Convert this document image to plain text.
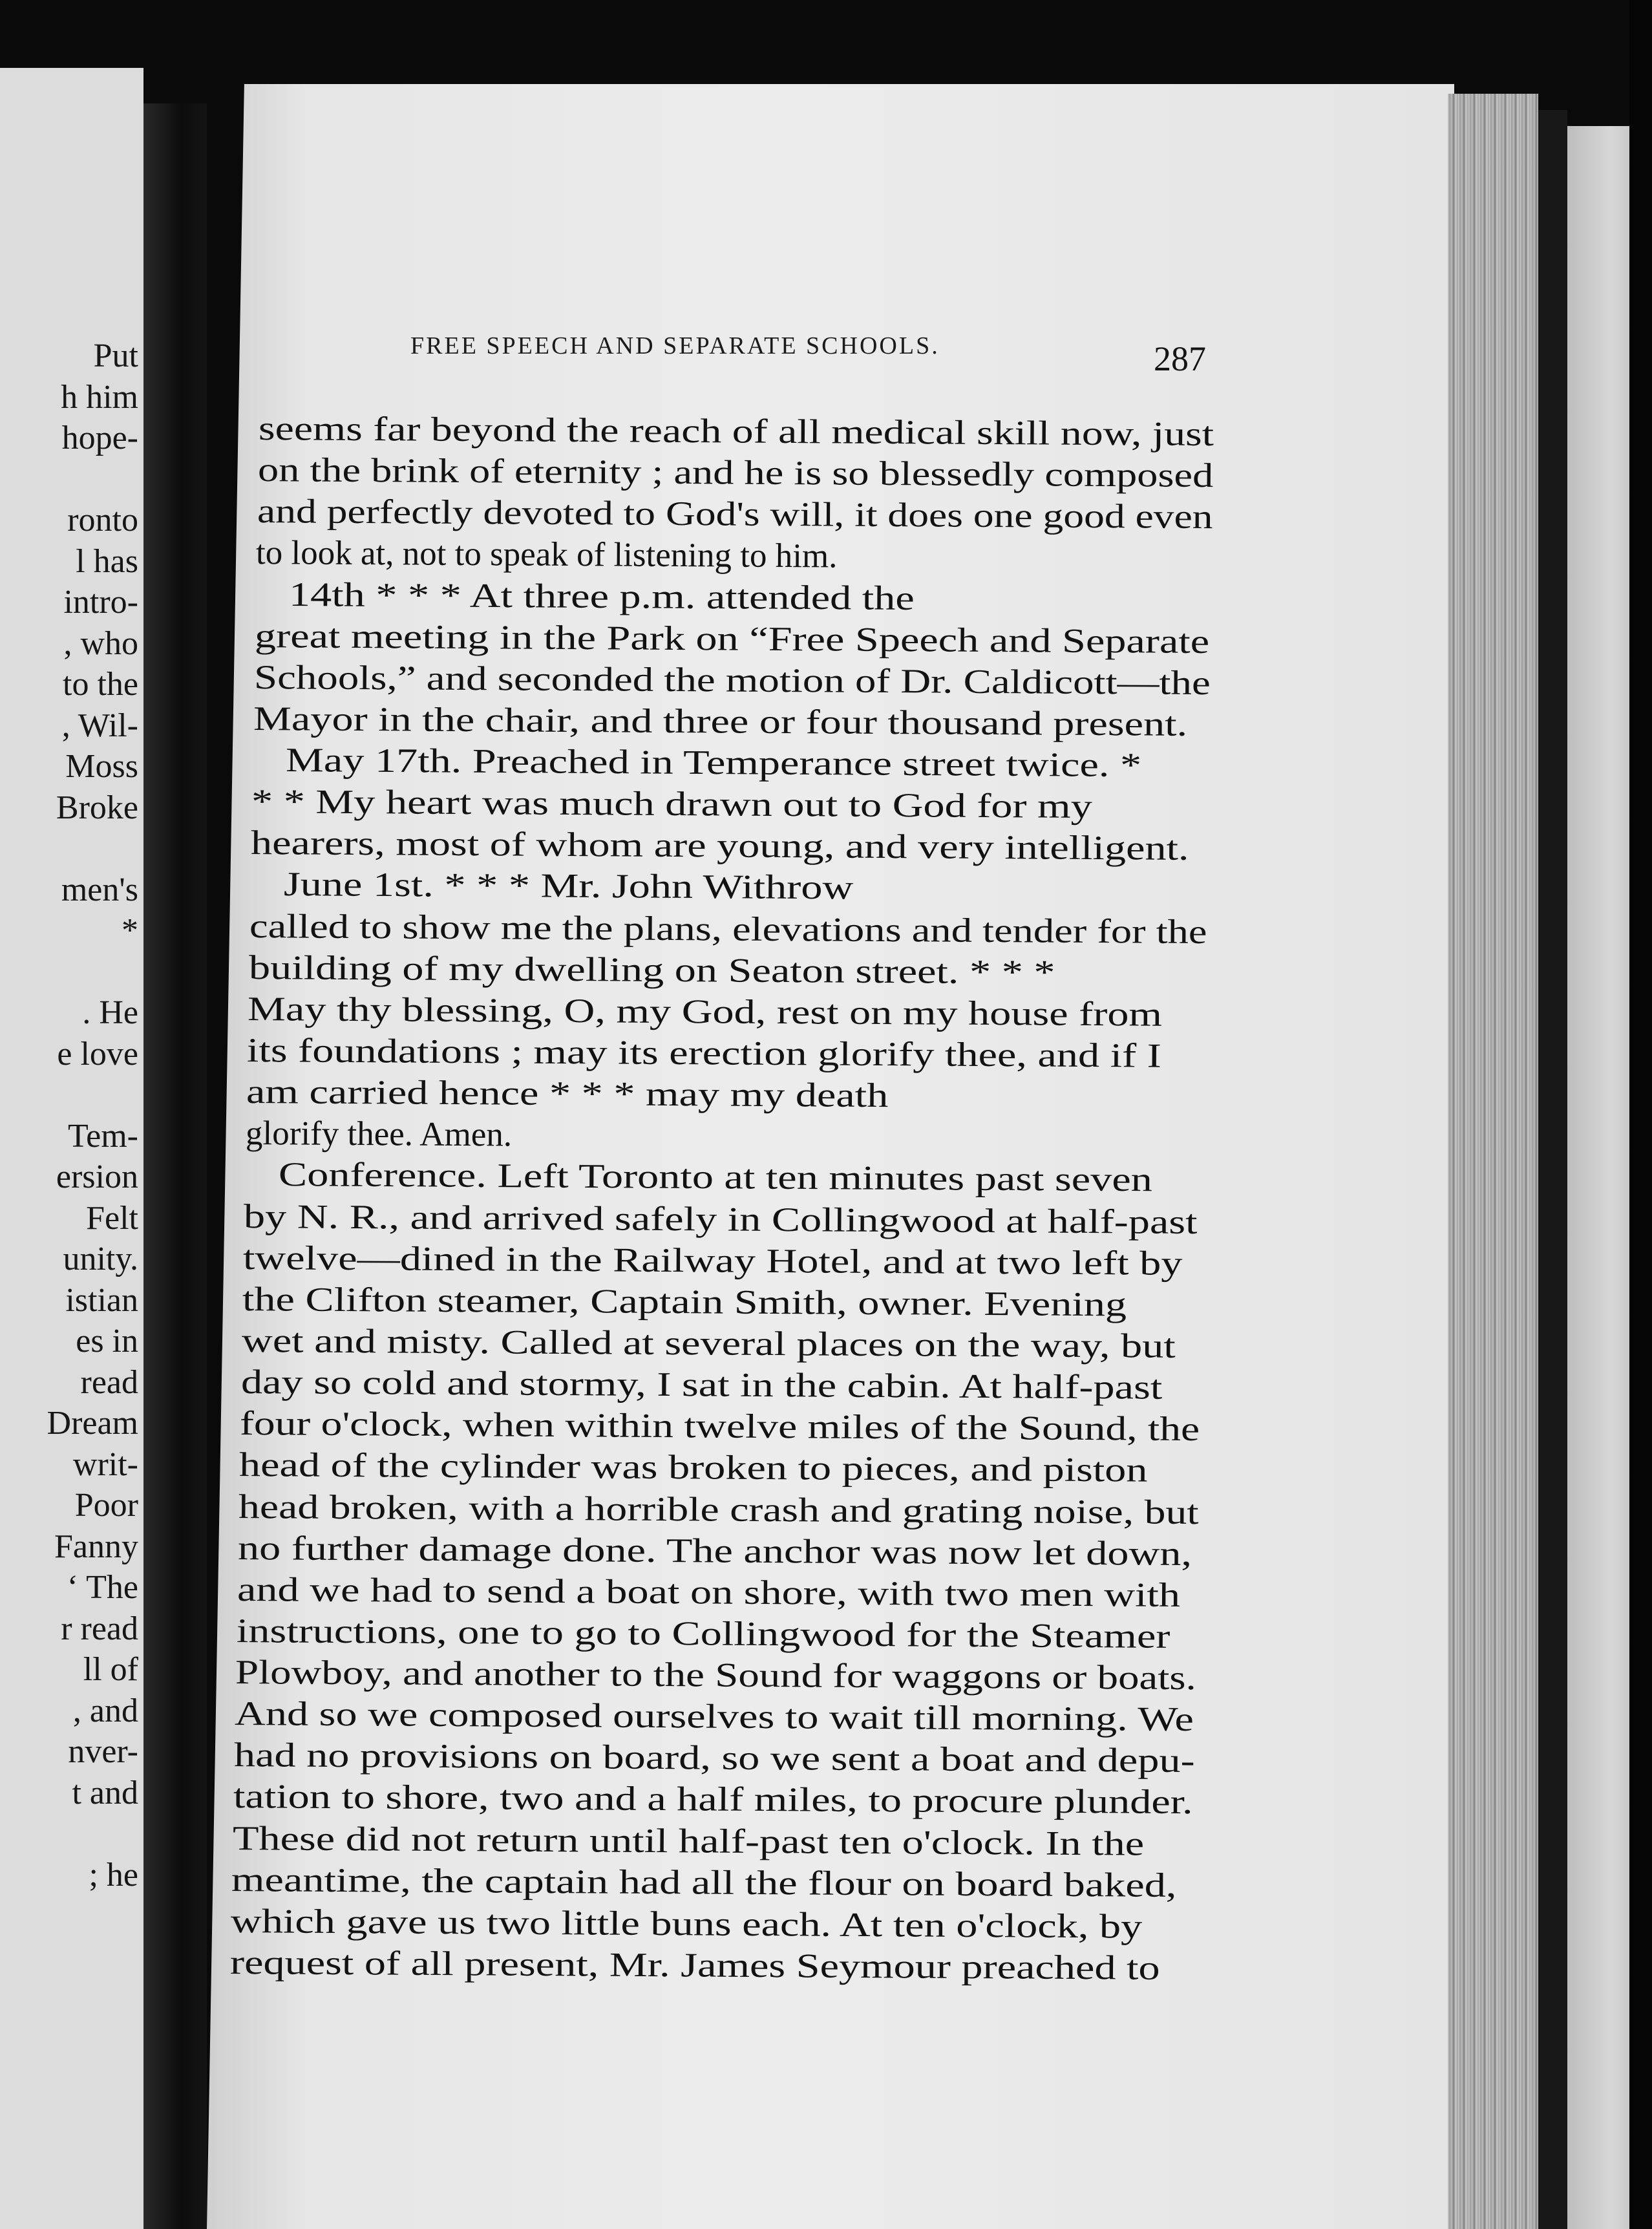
Put
h him
hope-
ronto
l has
intro-
, who
to the
, Wil-
Moss
Broke
men's
*
. He
e love
Tem-
ersion
Felt
unity.
istian
es in
read
Dream
writ-
Poor
Fanny
‘ The
r read
ll of
, and
nver-
t and
; he
FREE SPEECH AND SEPARATE SCHOOLS.	287
seems far beyond the reach of all medical skill now, just
on the brink of eternity ; and he is so blessedly composed
and perfectly devoted to God's will, it does one good even
to look at, not to speak of listening to him.
14th * * * At three p.m. attended the
great meeting in the Park on “Free Speech and Separate
Schools,” and seconded the motion of Dr. Caldicott—the
Mayor in the chair, and three or four thousand present.
May 17th. Preached in Temperance street twice. *
* * My heart was much drawn out to God for my
hearers, most of whom are young, and very intelligent.
June 1st. * * * Mr. John Withrow
called to show me the plans, elevations and tender for the
building of my dwelling on Seaton street. * * *
May thy blessing, O, my God, rest on my house from
its foundations ; may its erection glorify thee, and if I
am carried hence * * * may my death
glorify thee. Amen.
Conference. Left Toronto at ten minutes past seven
by N. R., and arrived safely in Collingwood at half-past
twelve—dined in the Railway Hotel, and at two left by
the Clifton steamer, Captain Smith, owner. Evening
wet and misty. Called at several places on the way, but
day so cold and stormy, I sat in the cabin. At half-past
four o'clock, when within twelve miles of the Sound, the
head of the cylinder was broken to pieces, and piston
head broken, with a horrible crash and grating noise, but
no further damage done. The anchor was now let down,
and we had to send a boat on shore, with two men with
instructions, one to go to Collingwood for the Steamer
Plowboy, and another to the Sound for waggons or boats.
And so we composed ourselves to wait till morning. We
had no provisions on board, so we sent a boat and depu-
tation to shore, two and a half miles, to procure plunder.
These did not return until half-past ten o'clock. In the
meantime, the captain had all the flour on board baked,
which gave us two little buns each. At ten o'clock, by
request of all present, Mr. James Seymour preached to
